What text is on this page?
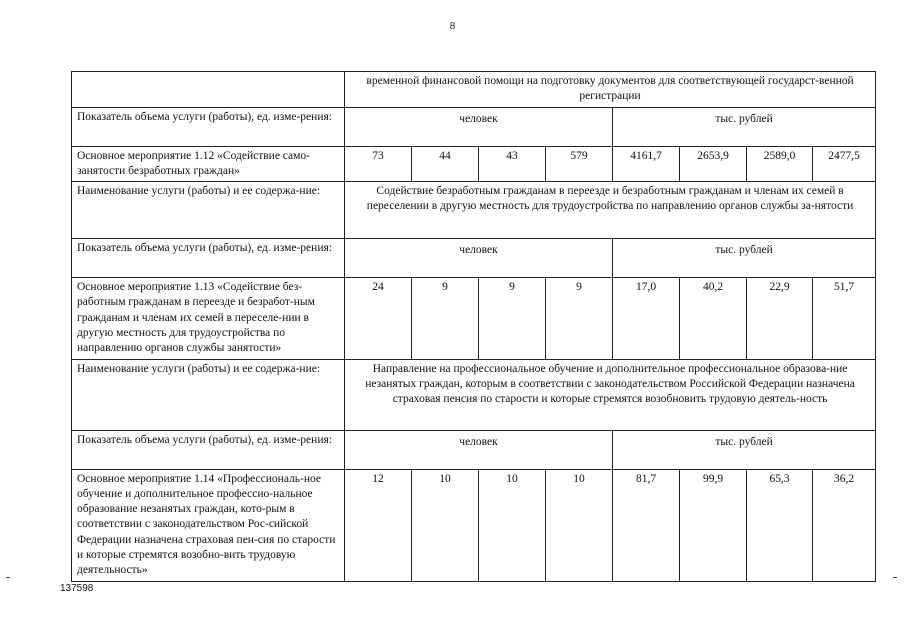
8
	временной финансовой помощи на подготовку документов для соответствующей государст-венной регистрации							
Показатель объема услуги (работы), ед. изме-рения:	человек				тыс. рублей			
Основное мероприятие 1.12 «Содействие само-занятости безработных граждан»	73	44	43	579	4161,7	2653,9	2589,0	2477,5
Наименование услуги (работы) и ее содержа-ние:	Содействие безработным гражданам в переезде и безработным гражданам и членам их семей в переселении в другую местность для трудоустройства по направлению органов службы за-нятости							
Показатель объема услуги (работы), ед. изме-рения:	человек				тыс. рублей			
Основное мероприятие 1.13 «Содействие без-работным гражданам в переезде и безработ-ным гражданам и членам их семей в переселе-нии в другую местность для трудоустройства по направлению органов службы занятости»	24	9	9	9	17,0	40,2	22,9	51,7
Наименование услуги (работы) и ее содержа-ние:	Направление на профессиональное обучение и дополнительное профессиональное образова-ние незанятых граждан, которым в соответствии с законодательством Российской Федерации назначена страховая пенсия по старости и которые стремятся возобновить трудовую деятель-ность							
Показатель объема услуги (работы), ед. изме-рения:	человек				тыс. рублей			
Основное мероприятие 1.14 «Профессиональ-ное обучение и дополнительное профессио-нальное образование незанятых граждан, кото-рым в соответствии с законодательством Рос-сийской Федерации назначена страховая пен-сия по старости и которые стремятся возобно-вить трудовую деятельность»	12	10	10	10	81,7	99,9	65,3	36,2
137598
